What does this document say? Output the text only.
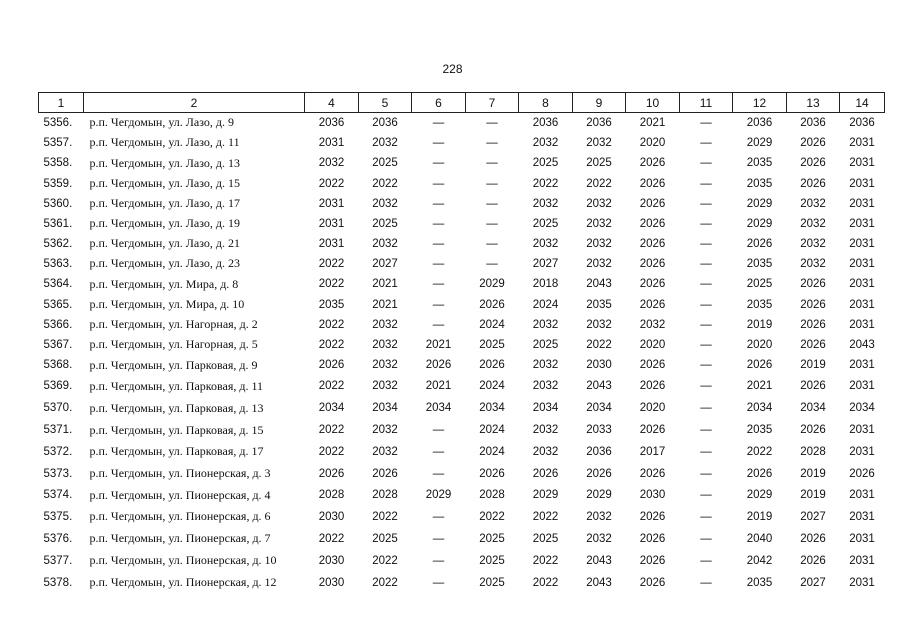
228
1	2	4	5	6	7	8	9	10	11	12	13	14
5356.	р.п. Чегдомын, ул. Лазо, д. 9	2036	2036	—	—	2036	2036	2021	—	2036	2036	2036
5357.	р.п. Чегдомын, ул. Лазо, д. 11	2031	2032	—	—	2032	2032	2020	—	2029	2026	2031
5358.	р.п. Чегдомын, ул. Лазо, д. 13	2032	2025	—	—	2025	2025	2026	—	2035	2026	2031
5359.	р.п. Чегдомын, ул. Лазо, д. 15	2022	2022	—	—	2022	2022	2026	—	2035	2026	2031
5360.	р.п. Чегдомын, ул. Лазо, д. 17	2031	2032	—	—	2032	2032	2026	—	2029	2032	2031
5361.	р.п. Чегдомын, ул. Лазо, д. 19	2031	2025	—	—	2025	2032	2026	—	2029	2032	2031
5362.	р.п. Чегдомын, ул. Лазо, д. 21	2031	2032	—	—	2032	2032	2026	—	2026	2032	2031
5363.	р.п. Чегдомын, ул. Лазо, д. 23	2022	2027	—	—	2027	2032	2026	—	2035	2032	2031
5364.	р.п. Чегдомын, ул. Мира, д. 8	2022	2021	—	2029	2018	2043	2026	—	2025	2026	2031
5365.	р.п. Чегдомын, ул. Мира, д. 10	2035	2021	—	2026	2024	2035	2026	—	2035	2026	2031
5366.	р.п. Чегдомын, ул. Нагорная, д. 2	2022	2032	—	2024	2032	2032	2032	—	2019	2026	2031
5367.	р.п. Чегдомын, ул. Нагорная, д. 5	2022	2032	2021	2025	2025	2022	2020	—	2020	2026	2043
5368.	р.п. Чегдомын, ул. Парковая, д. 9	2026	2032	2026	2026	2032	2030	2026	—	2026	2019	2031
5369.	р.п. Чегдомын, ул. Парковая, д. 11	2022	2032	2021	2024	2032	2043	2026	—	2021	2026	2031
5370.	р.п. Чегдомын, ул. Парковая, д. 13	2034	2034	2034	2034	2034	2034	2020	—	2034	2034	2034
5371.	р.п. Чегдомын, ул. Парковая, д. 15	2022	2032	—	2024	2032	2033	2026	—	2035	2026	2031
5372.	р.п. Чегдомын, ул. Парковая, д. 17	2022	2032	—	2024	2032	2036	2017	—	2022	2028	2031
5373.	р.п. Чегдомын, ул. Пионерская, д. 3	2026	2026	—	2026	2026	2026	2026	—	2026	2019	2026
5374.	р.п. Чегдомын, ул. Пионерская, д. 4	2028	2028	2029	2028	2029	2029	2030	—	2029	2019	2031
5375.	р.п. Чегдомын, ул. Пионерская, д. 6	2030	2022	—	2022	2022	2032	2026	—	2019	2027	2031
5376.	р.п. Чегдомын, ул. Пионерская, д. 7	2022	2025	—	2025	2025	2032	2026	—	2040	2026	2031
5377.	р.п. Чегдомын, ул. Пионерская, д. 10	2030	2022	—	2025	2022	2043	2026	—	2042	2026	2031
5378.	р.п. Чегдомын, ул. Пионерская, д. 12	2030	2022	—	2025	2022	2043	2026	—	2035	2027	2031
